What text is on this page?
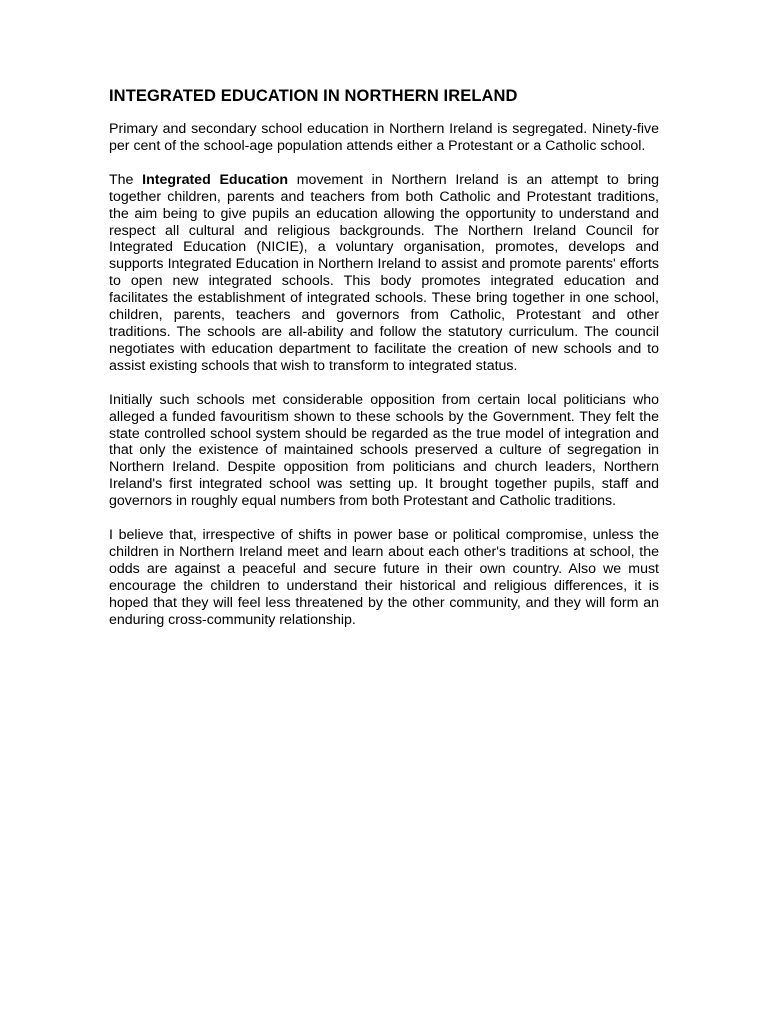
INTEGRATED EDUCATION IN NORTHERN IRELAND

Primary and secondary school education in Northern Ireland is segregated. Ninety-five per cent of the school-age population attends either a Protestant or a Catholic school.

The Integrated Education movement in Northern Ireland is an attempt to bring together children, parents and teachers from both Catholic and Protestant traditions, the aim being to give pupils an education allowing the opportunity to understand and respect all cultural and religious backgrounds. The Northern Ireland Council for Integrated Education (NICIE), a voluntary organisation, promotes, develops and supports Integrated Education in Northern Ireland to assist and promote parents' efforts to open new integrated schools. This body promotes integrated education and facilitates the establishment of integrated schools. These bring together in one school, children, parents, teachers and governors from Catholic, Protestant and other traditions. The schools are all-ability and follow the statutory curriculum. The council negotiates with education department to facilitate the creation of new schools and to assist existing schools that wish to transform to integrated status.

Initially such schools met considerable opposition from certain local politicians who alleged a funded favouritism shown to these schools by the Government. They felt the state controlled school system should be regarded as the true model of integration and that only the existence of maintained schools preserved a culture of segregation in Northern Ireland. Despite opposition from politicians and church leaders, Northern Ireland's first integrated school was setting up. It brought together pupils, staff and governors in roughly equal numbers from both Protestant and Catholic traditions.

I believe that, irrespective of shifts in power base or political compromise, unless the children in Northern Ireland meet and learn about each other's traditions at school, the odds are against a peaceful and secure future in their own country. Also we must encourage the children to understand their historical and religious differences, it is hoped that they will feel less threatened by the other community, and they will form an enduring cross-community relationship.
